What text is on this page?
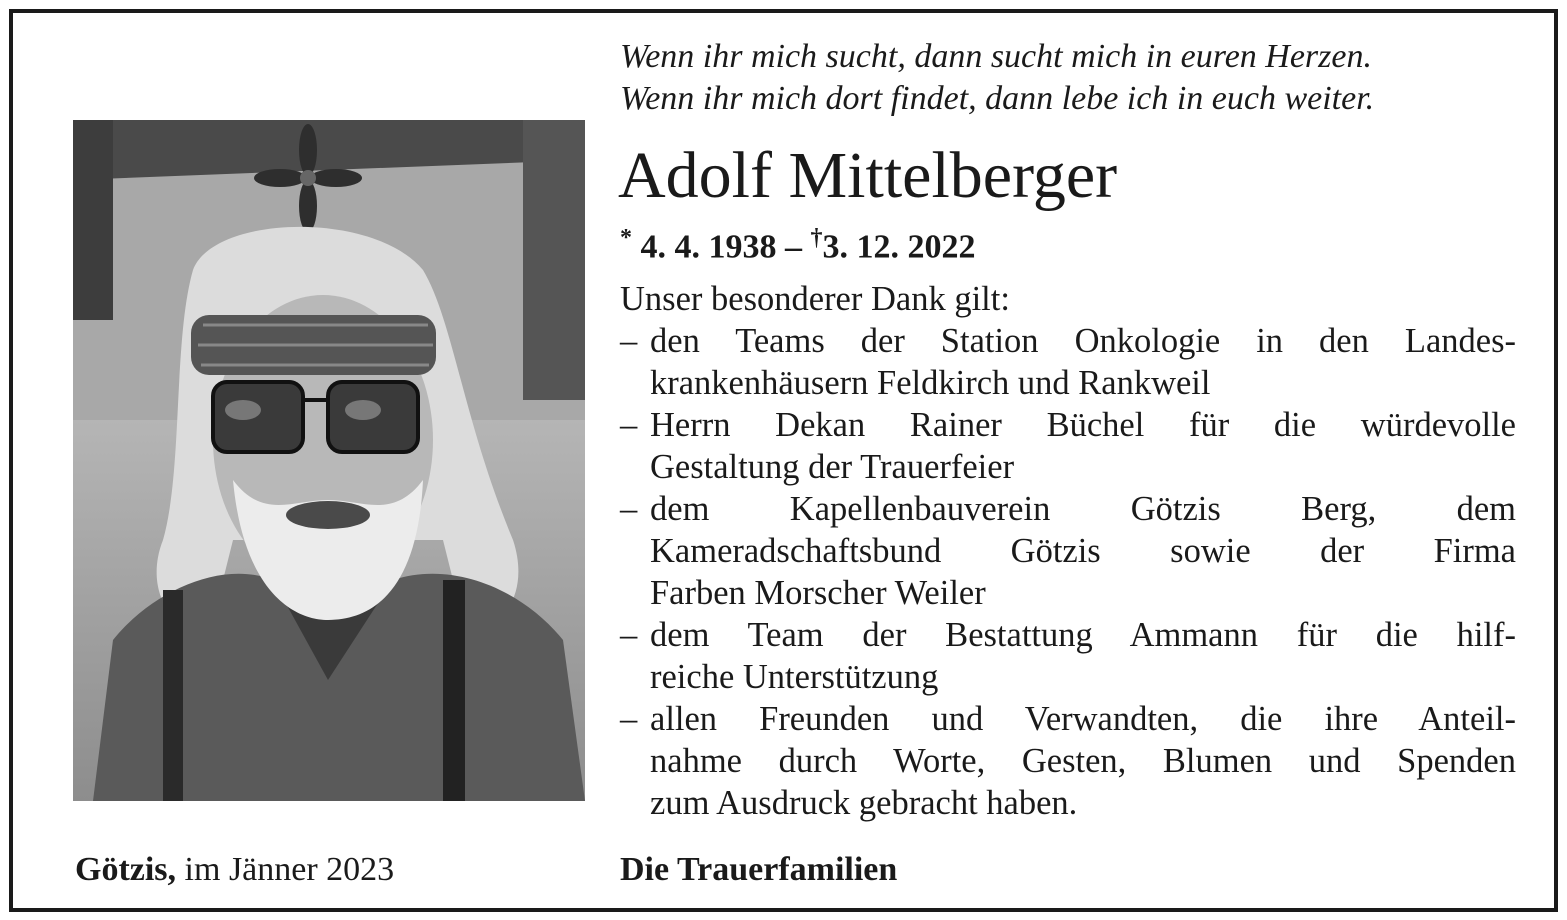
Wenn ihr mich sucht, dann sucht mich in euren Herzen.
Wenn ihr mich dort findet, dann lebe ich in euch weiter.
Adolf Mittelberger
* 4. 4. 1938 – †3. 12. 2022
Unser besonderer Dank gilt:
– den Teams der Station Onkologie in den Landes-
krankenhäusern Feldkirch und Rankweil
– Herrn Dekan Rainer Büchel für die würdevolle
Gestaltung der Trauerfeier
– dem Kapellenbauverein Götzis Berg, dem
Kameradschaftsbund Götzis sowie der Firma
Farben Morscher Weiler
– dem Team der Bestattung Ammann für die hilf-
reiche Unterstützung
– allen Freunden und Verwandten, die ihre Anteil-
nahme durch Worte, Gesten, Blumen und Spenden
zum Ausdruck gebracht haben.
Götzis, im Jänner 2023	Die Trauerfamilien
